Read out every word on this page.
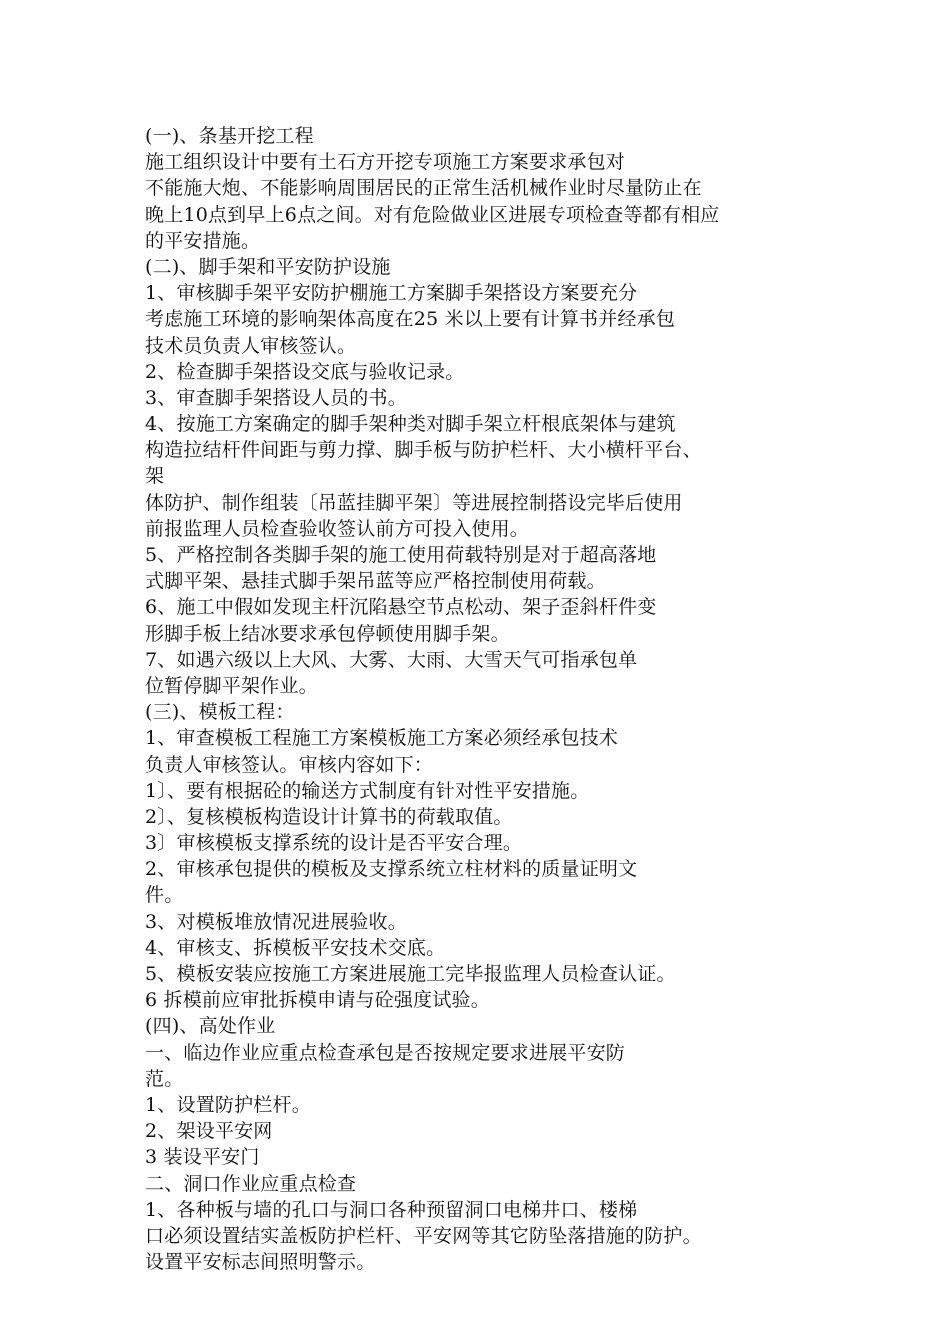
(一)、条基开挖工程
施工组织设计中要有土石方开挖专项施工方案要求承包对
不能施大炮、不能影响周围居民的正常生活机械作业时尽量防止在
晚上10点到早上6点之间。对有危险做业区进展专项检查等都有相应
的平安措施。
(二)、脚手架和平安防护设施
1、审核脚手架平安防护棚施工方案脚手架搭设方案要充分
考虑施工环境的影响架体高度在25 米以上要有计算书并经承包
技术员负责人审核签认。
2、检查脚手架搭设交底与验收记录。
3、审查脚手架搭设人员的书。
4、按施工方案确定的脚手架种类对脚手架立杆根底架体与建筑
构造拉结杆件间距与剪力撑、脚手板与防护栏杆、大小横杆平台、
架
体防护、制作组装〔吊蓝挂脚平架〕等进展控制搭设完毕后使用
前报监理人员检查验收签认前方可投入使用。
5、严格控制各类脚手架的施工使用荷载特别是对于超高落地
式脚平架、悬挂式脚手架吊蓝等应严格控制使用荷载。
6、施工中假如发现主杆沉陷悬空节点松动、架子歪斜杆件变
形脚手板上结冰要求承包停顿使用脚手架。
7、如遇六级以上大风、大雾、大雨、大雪天气可指承包单
位暂停脚平架作业。
(三)、模板工程：
1、审查模板工程施工方案模板施工方案必须经承包技术
负责人审核签认。审核内容如下：
1〕、要有根据砼的输送方式制度有针对性平安措施。
2〕、复核模板构造设计计算书的荷载取值。
3〕审核模板支撑系统的设计是否平安合理。
2、审核承包提供的模板及支撑系统立柱材料的质量证明文
件。
3、对模板堆放情况进展验收。
4、审核支、拆模板平安技术交底。
5、模板安装应按施工方案进展施工完毕报监理人员检查认证。
6 拆模前应审批拆模申请与砼强度试验。
(四)、高处作业
一、临边作业应重点检查承包是否按规定要求进展平安防
范。
1、设置防护栏杆。
2、架设平安网
3 装设平安门
二、洞口作业应重点检查
1、各种板与墙的孔口与洞口各种预留洞口电梯井口、楼梯
口必须设置结实盖板防护栏杆、平安网等其它防坠落措施的防护。
设置平安标志间照明警示。
